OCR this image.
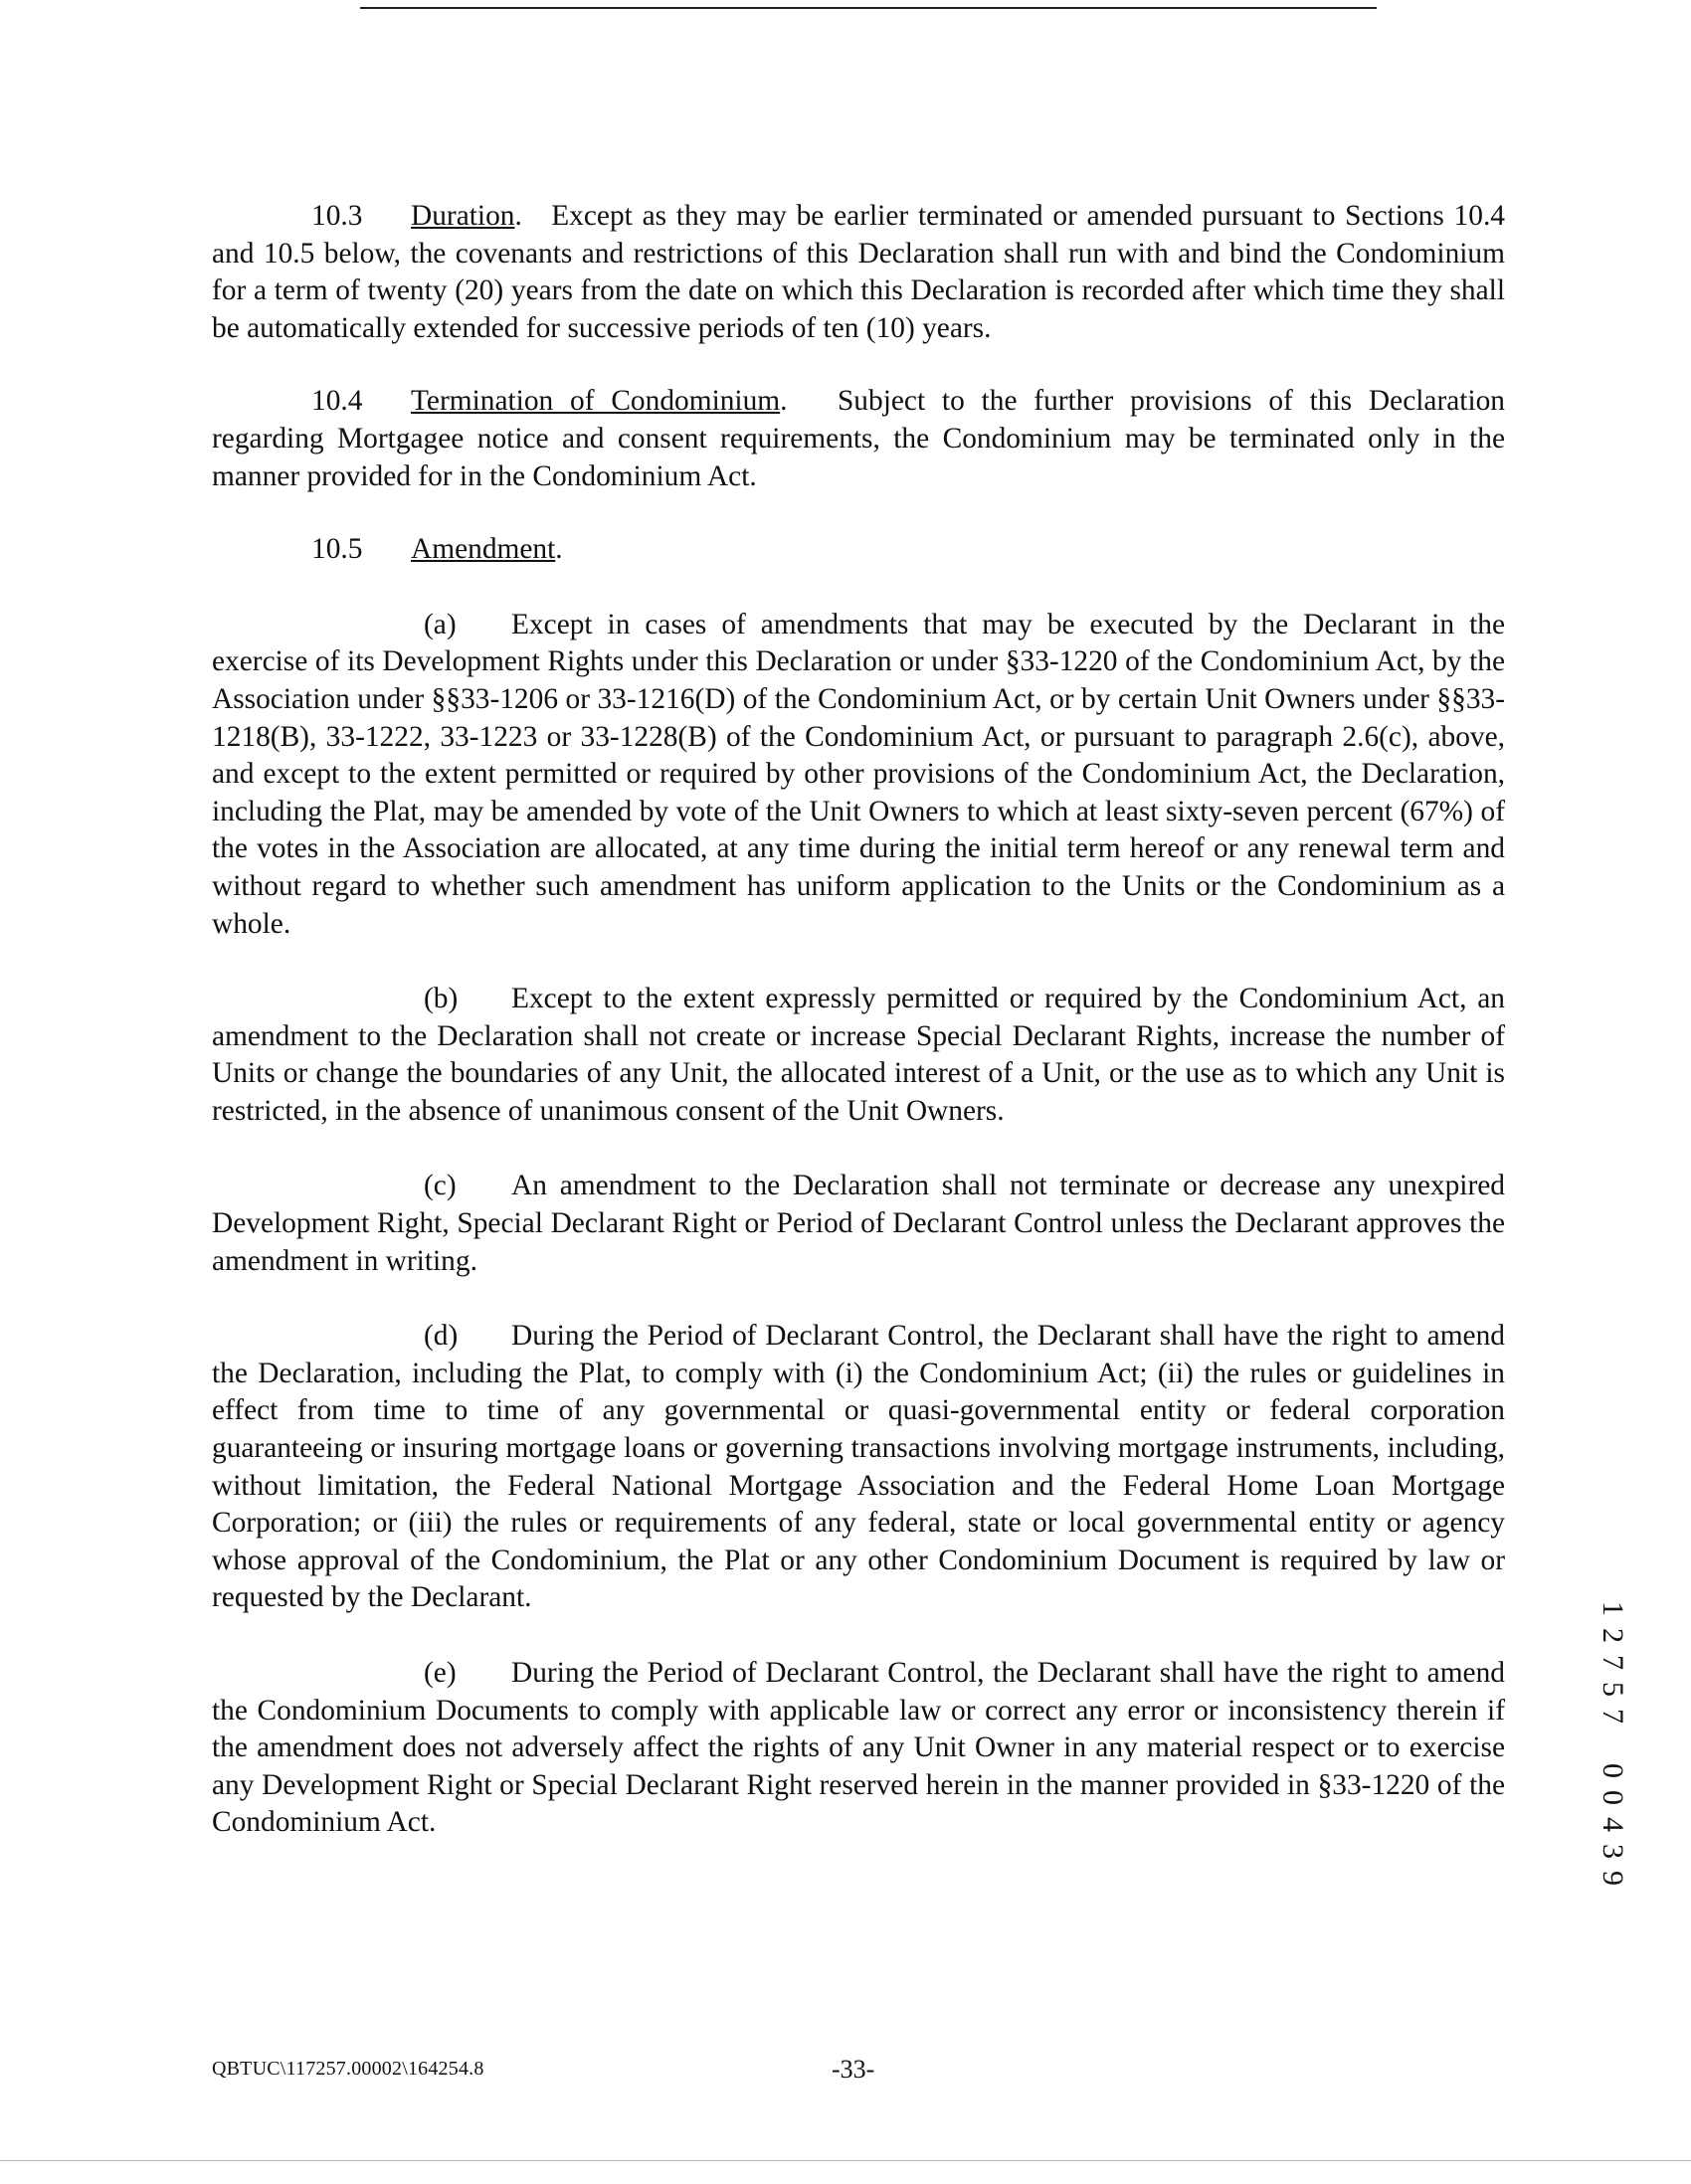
10.3 Duration. Except as they may be earlier terminated or amended pursuant to Sections 10.4 and 10.5 below, the covenants and restrictions of this Declaration shall run with and bind the Condominium for a term of twenty (20) years from the date on which this Declaration is recorded after which time they shall be automatically extended for successive periods of ten (10) years.

10.4 Termination of Condominium. Subject to the further provisions of this Declaration regarding Mortgagee notice and consent requirements, the Condominium may be terminated only in the manner provided for in the Condominium Act.

10.5 Amendment.

(a) Except in cases of amendments that may be executed by the Declarant in the exercise of its Development Rights under this Declaration or under §33-1220 of the Condominium Act, by the Association under §§33-1206 or 33-1216(D) of the Condominium Act, or by certain Unit Owners under §§33-1218(B), 33-1222, 33-1223 or 33-1228(B) of the Condominium Act, or pursuant to paragraph 2.6(c), above, and except to the extent permitted or required by other provisions of the Condominium Act, the Declaration, including the Plat, may be amended by vote of the Unit Owners to which at least sixty-seven percent (67%) of the votes in the Association are allocated, at any time during the initial term hereof or any renewal term and without regard to whether such amendment has uniform application to the Units or the Condominium as a whole.

(b) Except to the extent expressly permitted or required by the Condominium Act, an amendment to the Declaration shall not create or increase Special Declarant Rights, increase the number of Units or change the boundaries of any Unit, the allocated interest of a Unit, or the use as to which any Unit is restricted, in the absence of unanimous consent of the Unit Owners.

(c) An amendment to the Declaration shall not terminate or decrease any unexpired Development Right, Special Declarant Right or Period of Declarant Control unless the Declarant approves the amendment in writing.

(d) During the Period of Declarant Control, the Declarant shall have the right to amend the Declaration, including the Plat, to comply with (i) the Condominium Act; (ii) the rules or guidelines in effect from time to time of any governmental or quasi-governmental entity or federal corporation guaranteeing or insuring mortgage loans or governing transactions involving mortgage instruments, including, without limitation, the Federal National Mortgage Association and the Federal Home Loan Mortgage Corporation; or (iii) the rules or requirements of any federal, state or local governmental entity or agency whose approval of the Condominium, the Plat or any other Condominium Document is required by law or requested by the Declarant.

(e) During the Period of Declarant Control, the Declarant shall have the right to amend the Condominium Documents to comply with applicable law or correct any error or inconsistency therein if the amendment does not adversely affect the rights of any Unit Owner in any material respect or to exercise any Development Right or Special Declarant Right reserved herein in the manner provided in §33-1220 of the Condominium Act.

QBTUC\117257.00002\164254.8	-33-
1
2
7
5
7
0
0
4
3
9
